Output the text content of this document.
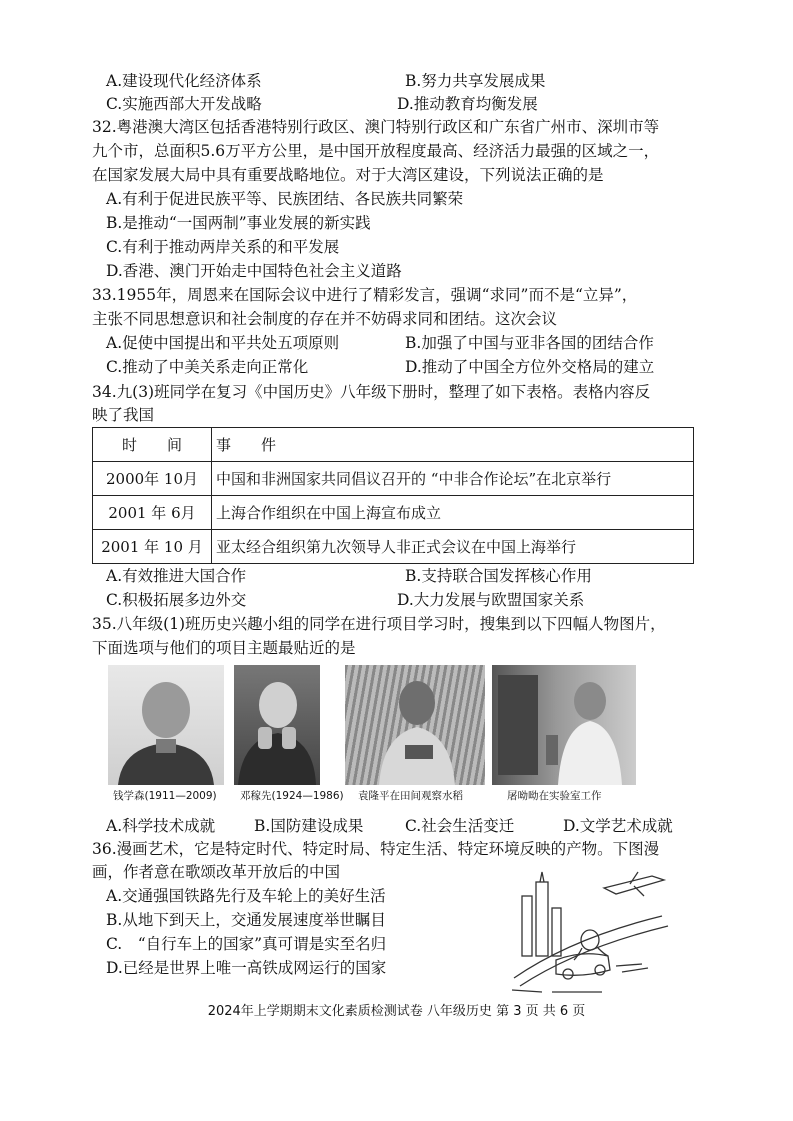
A.建设现代化经济体系	B.努力共享发展成果
C.实施西部大开发战略	D.推动教育均衡发展
32.粤港澳大湾区包括香港特别行政区、澳门特别行政区和广东省广州市、深圳市等
九个市，总面积5.6万平方公里，是中国开放程度最高、经济活力最强的区域之一，
在国家发展大局中具有重要战略地位。对于大湾区建设，下列说法正确的是
A.有利于促进民族平等、民族团结、各民族共同繁荣
B.是推动“一国两制”事业发展的新实践
C.有利于推动两岸关系的和平发展
D.香港、澳门开始走中国特色社会主义道路
33.1955年，周恩来在国际会议中进行了精彩发言，强调“求同”而不是“立异”，
主张不同思想意识和社会制度的存在并不妨碍求同和团结。这次会议
A.促使中国提出和平共处五项原则	B.加强了中国与亚非各国的团结合作
C.推动了中美关系走向正常化	D.推动了中国全方位外交格局的建立
34.九(3)班同学在复习《中国历史》八年级下册时，整理了如下表格。表格内容反
映了我国
时　　间	事　　件
2000年 10月	中国和非洲国家共同倡议召开的 “中非合作论坛”在北京举行
2001 年 6月	上海合作组织在中国上海宣布成立
2001 年 10 月	亚太经合组织第九次领导人非正式会议在中国上海举行
A.有效推进大国合作	B.支持联合国发挥核心作用
C.积极拓展多边外交	D.大力发展与欧盟国家关系
35.八年级(1)班历史兴趣小组的同学在进行项目学习时，搜集到以下四幅人物图片，
下面选项与他们的项目主题最贴近的是
钱学森(1911—2009) 邓稼先(1924—1986) 袁隆平在田间观察水稻	屠呦呦在实验室工作
A.科学技术成就	B.国防建设成果	C.社会生活变迁	D.文学艺术成就
36.漫画艺术，它是特定时代、特定时局、特定生活、特定环境反映的产物。下图漫
画，作者意在歌颂改革开放后的中国
A.交通强国铁路先行及车轮上的美好生活
B.从地下到天上，交通发展速度举世瞩目
C.　“自行车上的国家”真可谓是实至名归
D.已经是世界上唯一高铁成网运行的国家
2024年上学期期末文化素质检测试卷 八年级历史 第 3 页 共 6 页
